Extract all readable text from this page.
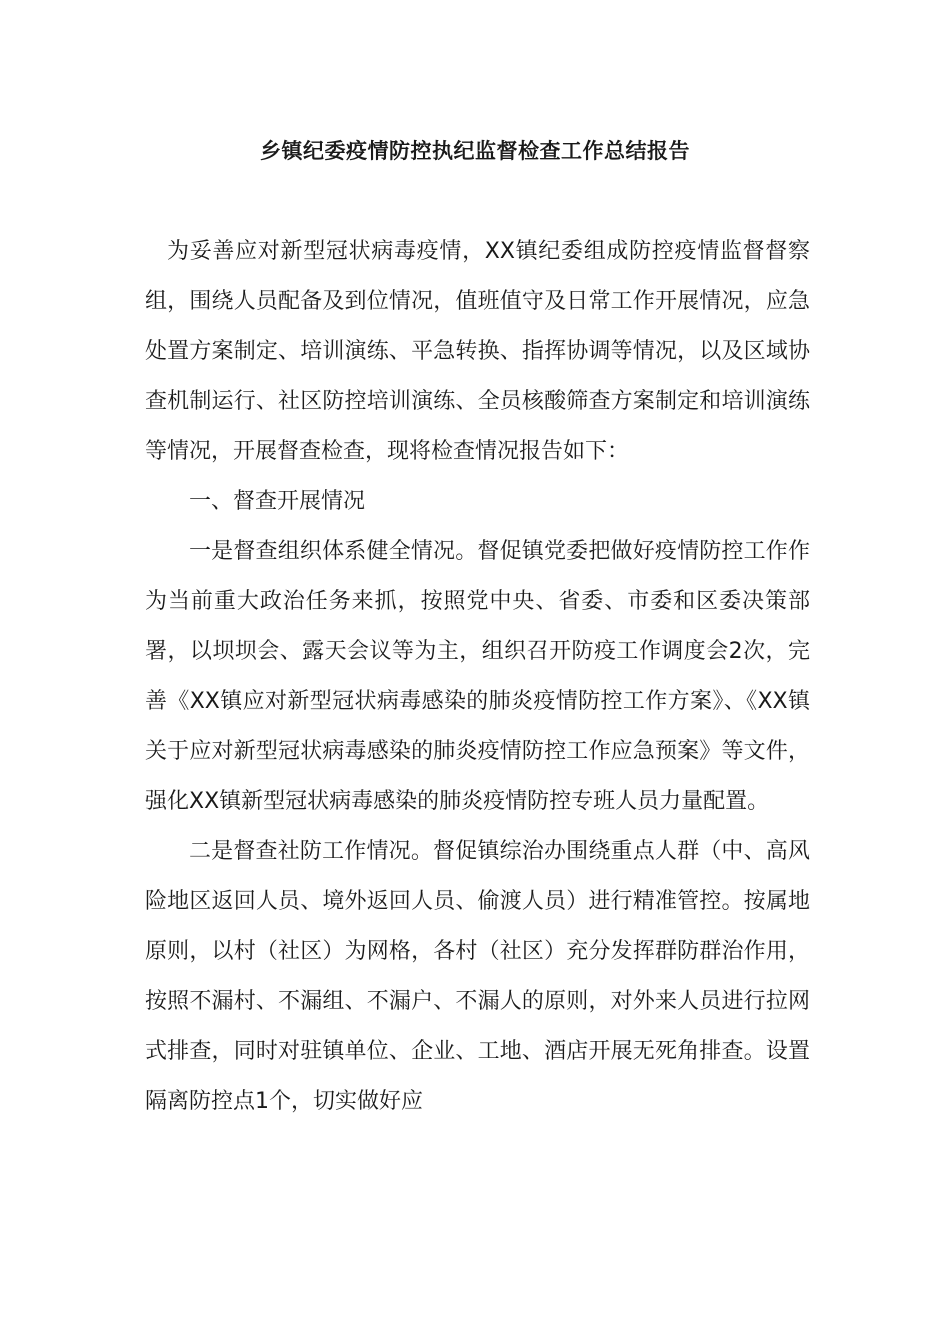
乡镇纪委疫情防控执纪监督检查工作总结报告

为妥善应对新型冠状病毒疫情，XX镇纪委组成防控疫情监督督察组，围绕人员配备及到位情况，值班值守及日常工作开展情况，应急处置方案制定、培训演练、平急转换、指挥协调等情况，以及区域协查机制运行、社区防控培训演练、全员核酸筛查方案制定和培训演练等情况，开展督查检查，现将检查情况报告如下：

一、督查开展情况

一是督查组织体系健全情况。督促镇党委把做好疫情防控工作作为当前重大政治任务来抓，按照党中央、省委、市委和区委决策部署，以坝坝会、露天会议等为主，组织召开防疫工作调度会2次，完善《XX镇应对新型冠状病毒感染的肺炎疫情防控工作方案》、《XX镇关于应对新型冠状病毒感染的肺炎疫情防控工作应急预案》等文件，强化XX镇新型冠状病毒感染的肺炎疫情防控专班人员力量配置。

二是督查社防工作情况。督促镇综治办围绕重点人群（中、高风险地区返回人员、境外返回人员、偷渡人员）进行精准管控。按属地原则，以村（社区）为网格，各村（社区）充分发挥群防群治作用，按照不漏村、不漏组、不漏户、不漏人的原则，对外来人员进行拉网式排查，同时对驻镇单位、企业、工地、酒店开展无死角排查。设置隔离防控点1个，切实做好应
